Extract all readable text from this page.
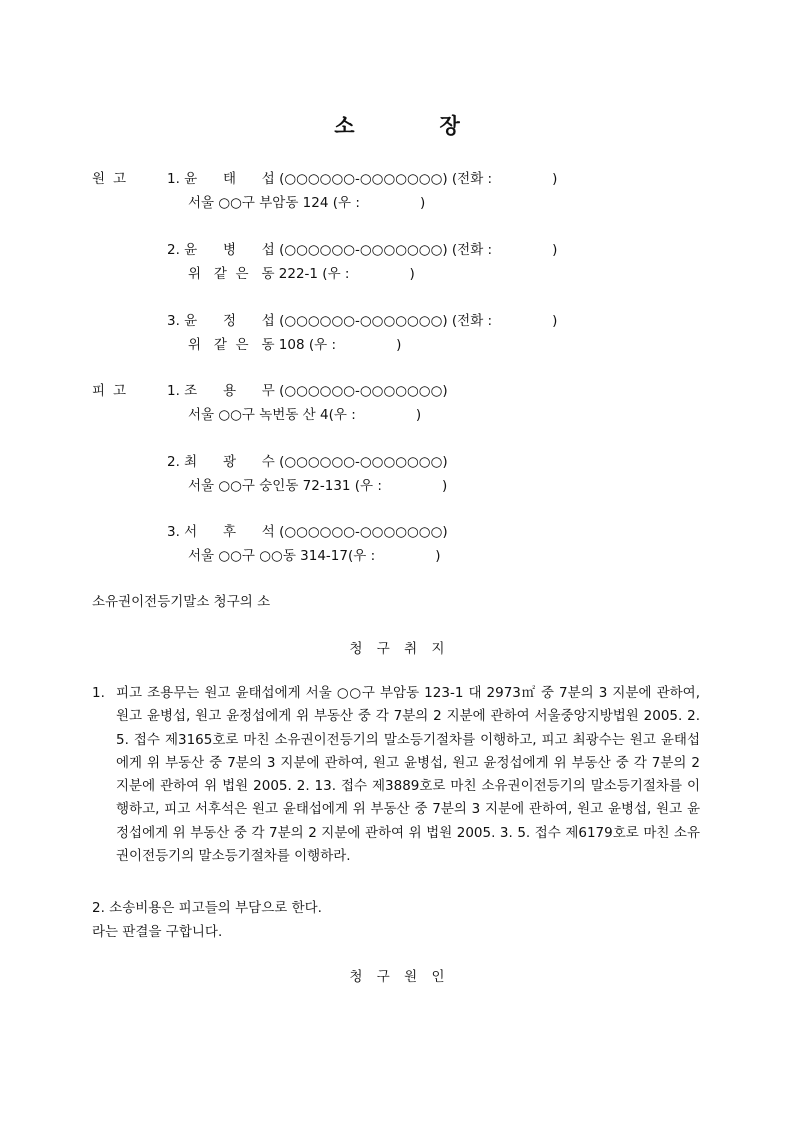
소	장
원고 1. 윤      태      섭 (○○○○○○-○○○○○○○) (전화 :              )
서울 ○○구 부암동 124 (우 :              )
2. 윤      병      섭 (○○○○○○-○○○○○○○) (전화 :              )
위   같  은   동 222-1 (우 :              )
3. 윤      정      섭 (○○○○○○-○○○○○○○) (전화 :              )
위   같  은   동 108 (우 :              )
피고 1. 조      용      무 (○○○○○○-○○○○○○○)
서울 ○○구 녹번동 산 4(우 :              )
2. 최      광      수 (○○○○○○-○○○○○○○)
서울 ○○구 숭인동 72-131 (우 :              )
3. 서      후      석 (○○○○○○-○○○○○○○)
서울 ○○구 ○○동 314-17(우 :              )
소유권이전등기말소 청구의 소
청 구 취 지
1. 피고 조용무는 원고 윤태섭에게 서울 ○○구 부암동 123-1 대 2973㎡ 중 7분의 3 지분에 관하여, 원고 윤병섭, 원고 윤정섭에게 위 부동산 중 각 7분의 2 지분에 관하여 서울중앙지방법원 2005. 2. 5. 접수 제3165호로 마친 소유권이전등기의 말소등기절차를 이행하고, 피고 최광수는 원고 윤태섭에게 위 부동산 중 7분의 3 지분에 관하여, 원고 윤병섭, 원고 윤정섭에게 위 부동산 중 각 7분의 2 지분에 관하여 위 법원 2005. 2. 13. 접수 제3889호로 마친 소유권이전등기의 말소등기절차를 이행하고, 피고 서후석은 원고 윤태섭에게 위 부동산 중 7분의 3 지분에 관하여, 원고 윤병섭, 원고 윤정섭에게 위 부동산 중 각 7분의 2 지분에 관하여 위 법원 2005. 3. 5. 접수 제6179호로 마친 소유권이전등기의 말소등기절차를 이행하라.
2. 소송비용은 피고들의 부담으로 한다.
라는 판결을 구합니다.
청 구 원 인
